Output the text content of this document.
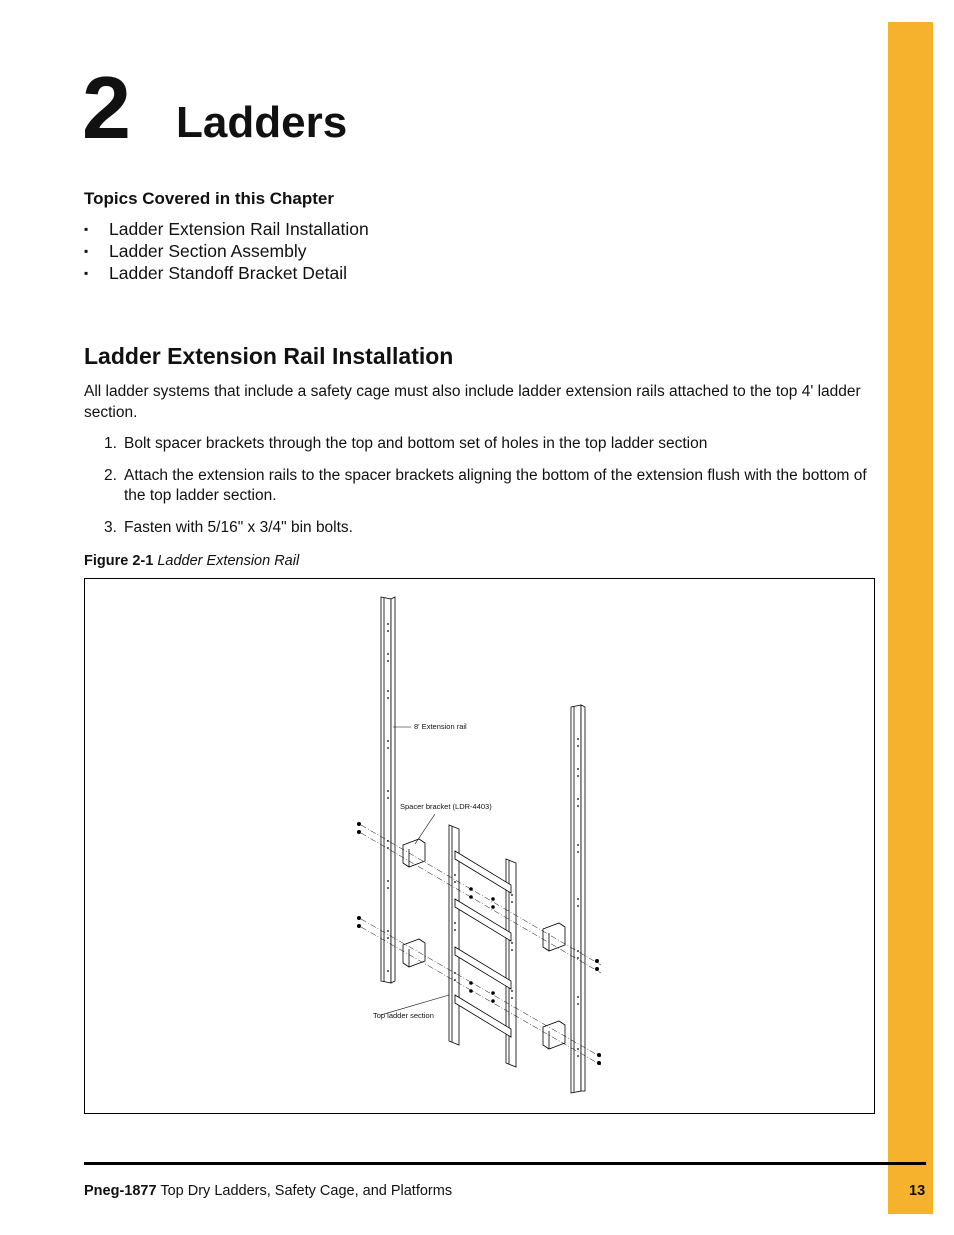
2 Ladders
Topics Covered in this Chapter
▪ Ladder Extension Rail Installation
▪ Ladder Section Assembly
▪ Ladder Standoff Bracket Detail
Ladder Extension Rail Installation

All ladder systems that include a safety cage must also include ladder extension rails attached to the top 4' ladder section.

1. Bolt spacer brackets through the top and bottom set of holes in the top ladder section
2. Attach the extension rails to the spacer brackets aligning the bottom of the extension flush with the bottom of the top ladder section.
3. Fasten with 5/16" x 3/4" bin bolts.
Figure 2-1 Ladder Extension Rail
8' Extension rail
Spacer bracket (LDR-4403)
Top ladder section
Pneg-1877 Top Dry Ladders, Safety Cage, and Platforms	13
